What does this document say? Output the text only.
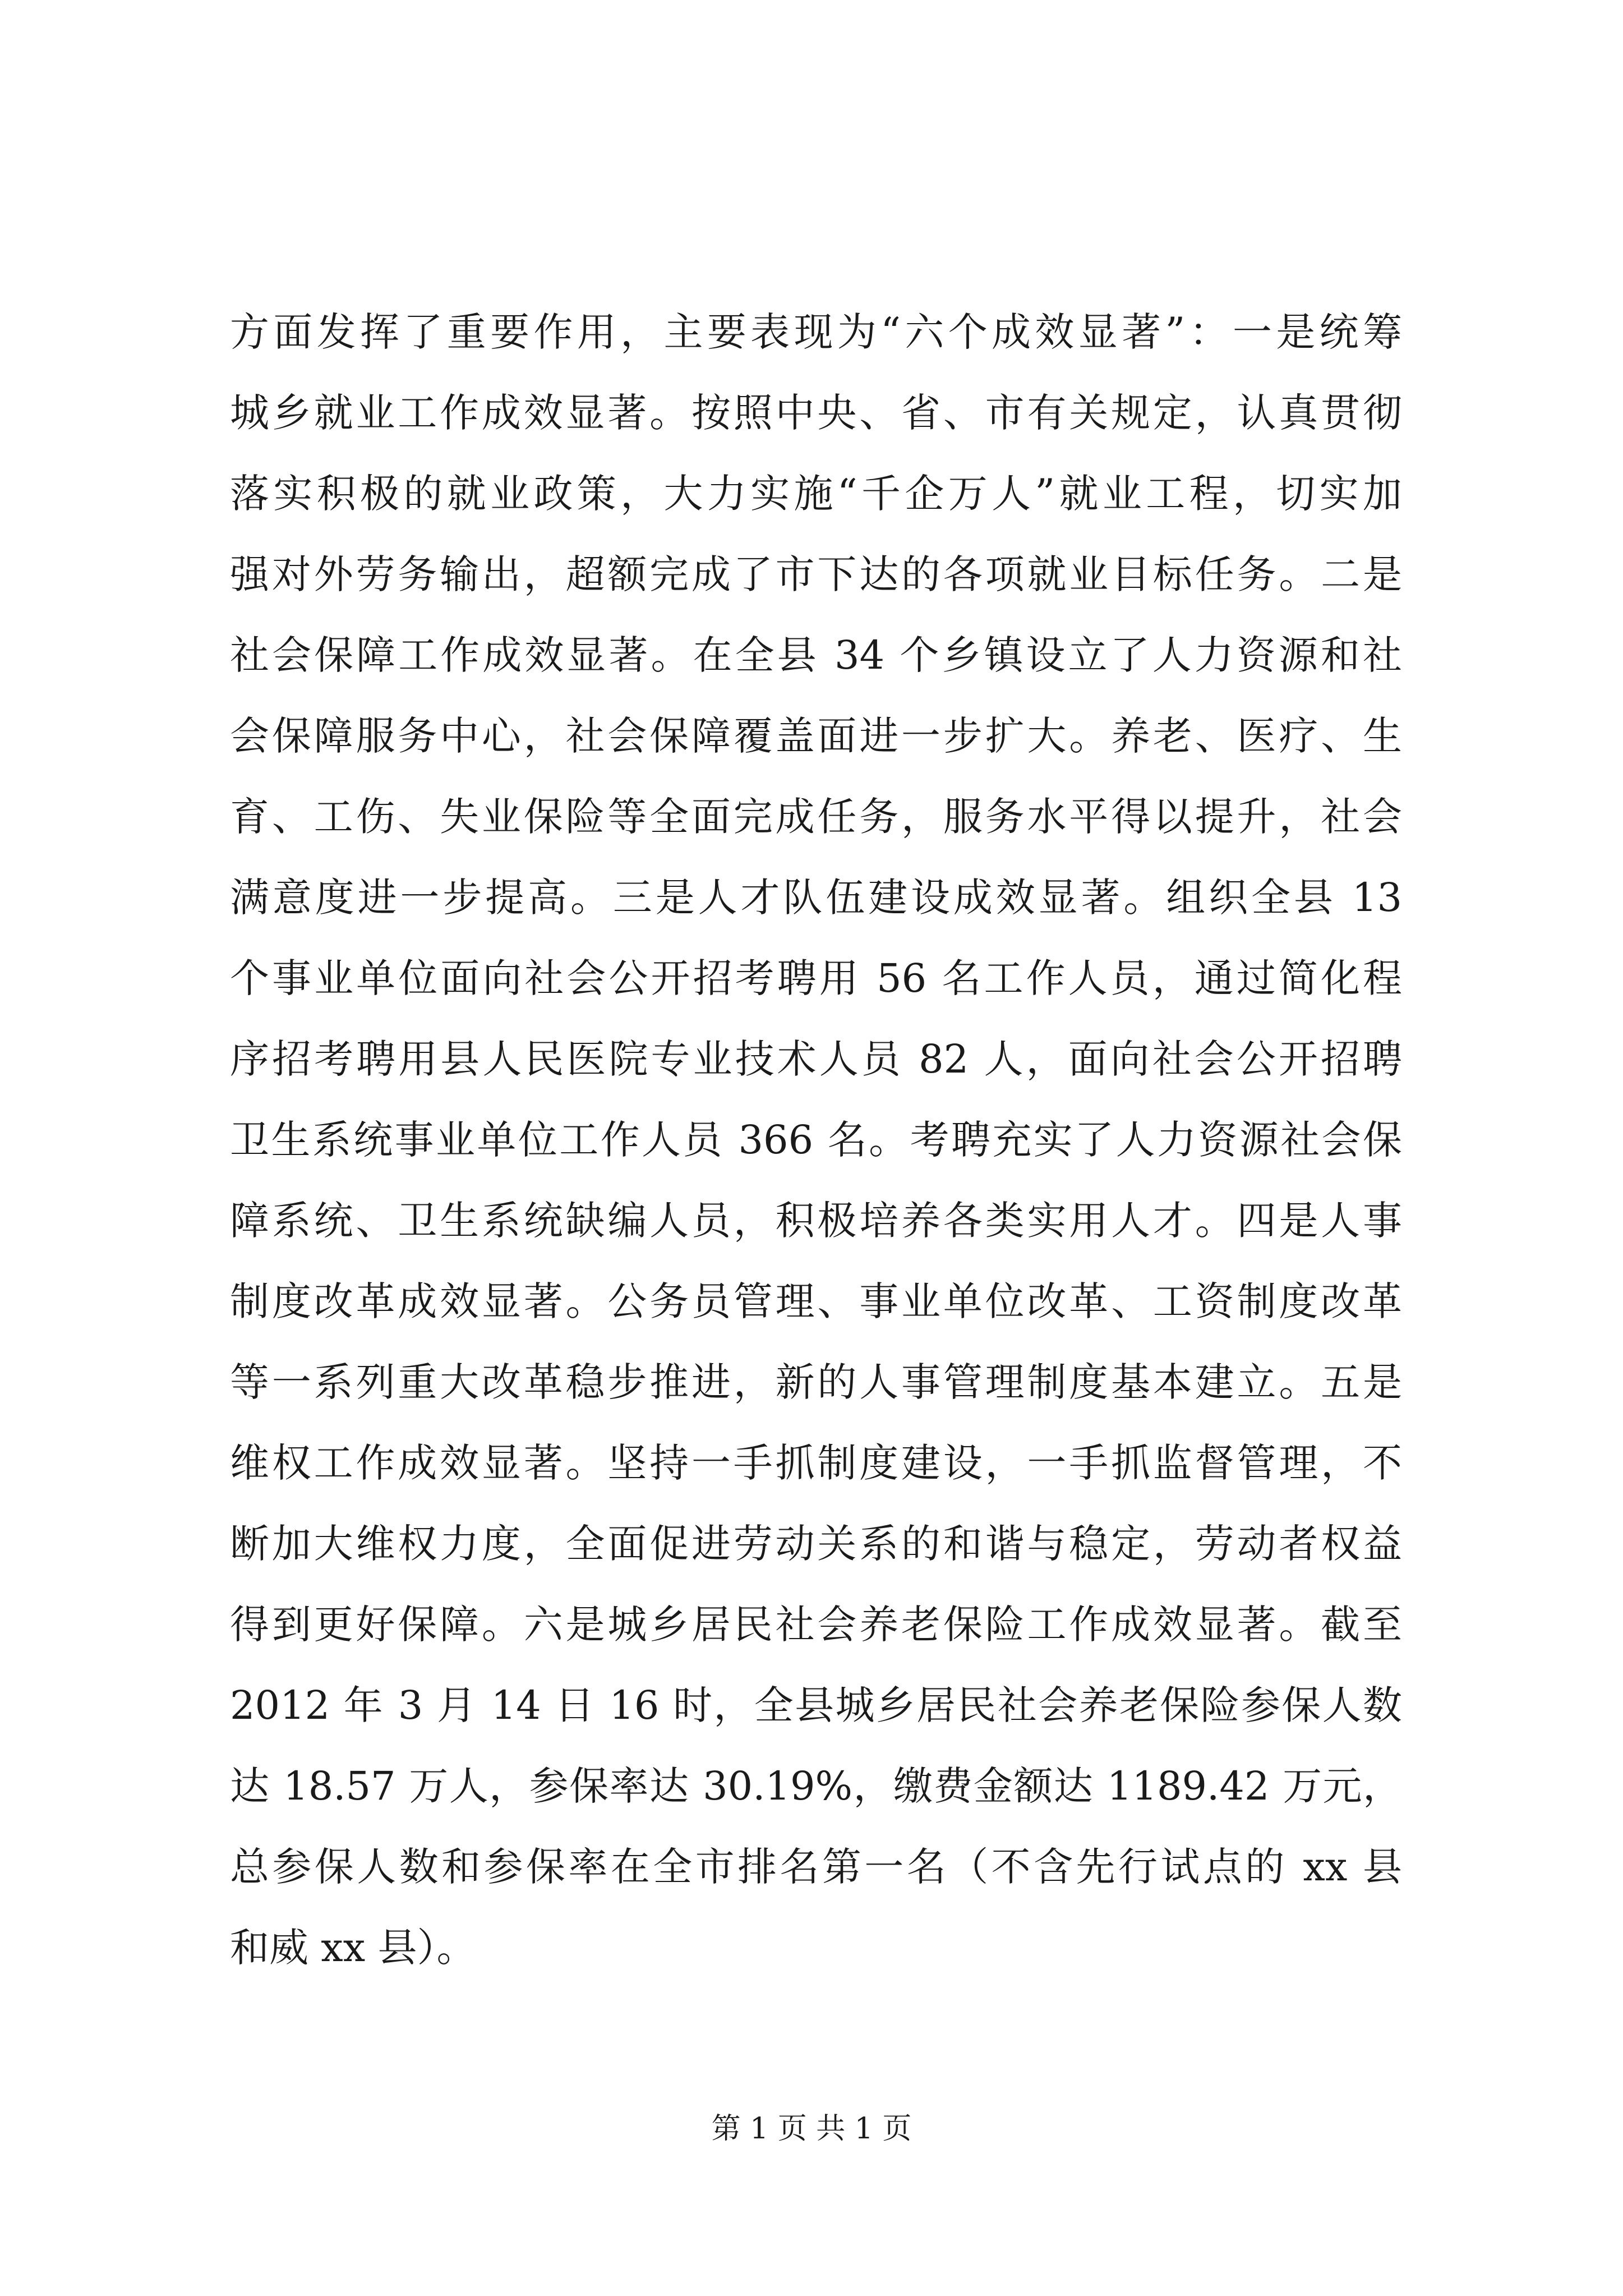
方面发挥了重要作用，主要表现为“六个成效显著”：一是统筹
城乡就业工作成效显著。按照中央、省、市有关规定，认真贯彻
落实积极的就业政策，大力实施“千企万人”就业工程，切实加
强对外劳务输出，超额完成了市下达的各项就业目标任务。二是
社会保障工作成效显著。在全县 34 个乡镇设立了人力资源和社
会保障服务中心，社会保障覆盖面进一步扩大。养老、医疗、生
育、工伤、失业保险等全面完成任务，服务水平得以提升，社会
满意度进一步提高。三是人才队伍建设成效显著。组织全县 13
个事业单位面向社会公开招考聘用 56 名工作人员，通过简化程
序招考聘用县人民医院专业技术人员 82 人，面向社会公开招聘
卫生系统事业单位工作人员 366 名。考聘充实了人力资源社会保
障系统、卫生系统缺编人员，积极培养各类实用人才。四是人事
制度改革成效显著。公务员管理、事业单位改革、工资制度改革
等一系列重大改革稳步推进，新的人事管理制度基本建立。五是
维权工作成效显著。坚持一手抓制度建设，一手抓监督管理，不
断加大维权力度，全面促进劳动关系的和谐与稳定，劳动者权益
得到更好保障。六是城乡居民社会养老保险工作成效显著。截至
2012 年 3 月 14 日 16 时，全县城乡居民社会养老保险参保人数
达 18.57 万人，参保率达 30.19%，缴费金额达 1189.42 万元，
总参保人数和参保率在全市排名第一名（不含先行试点的 xx 县
和威 xx 县）。
第 1 页 共 1 页
